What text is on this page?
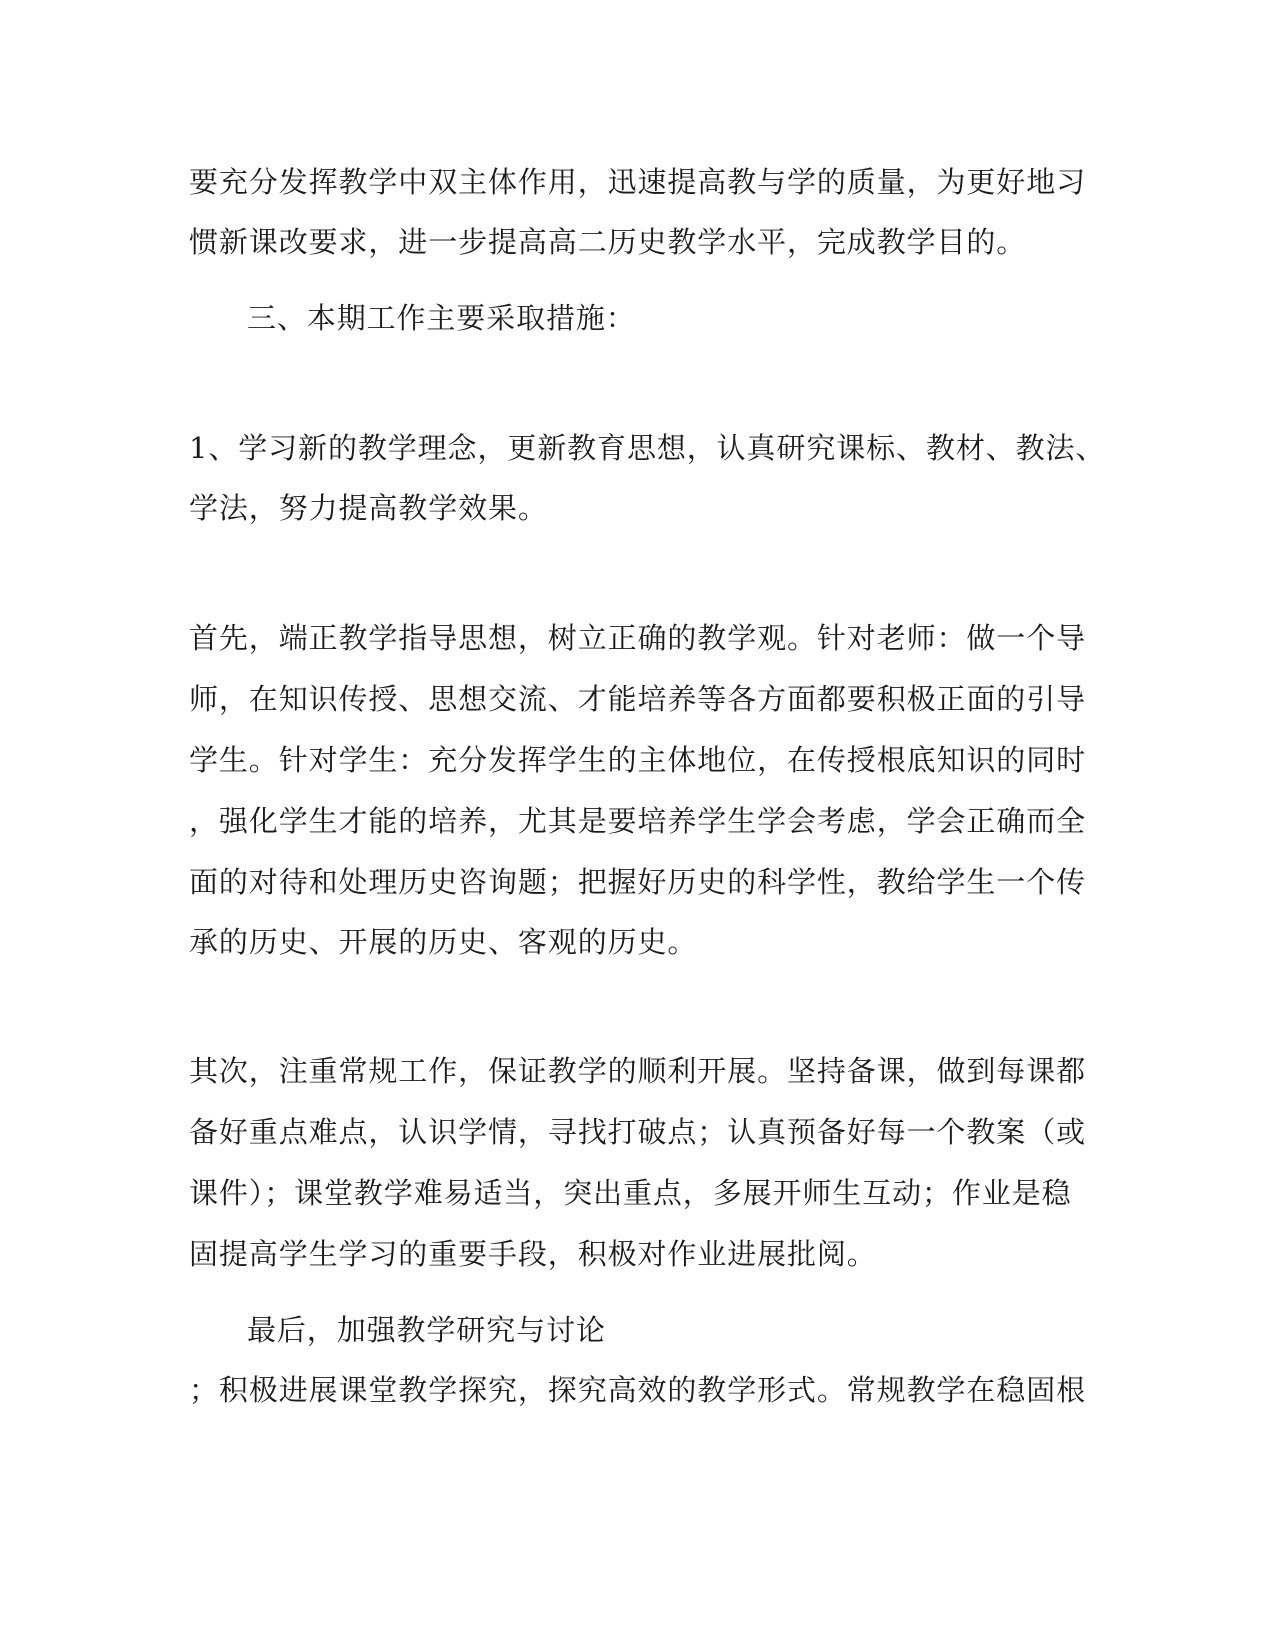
要充分发挥教学中双主体作用，迅速提高教与学的质量，为更好地习
惯新课改要求，进一步提高高二历史教学水平，完成教学目的。
三、本期工作主要采取措施：
1、学习新的教学理念，更新教育思想，认真研究课标、教材、教法、
学法，努力提高教学效果。
首先，端正教学指导思想，树立正确的教学观。针对老师：做一个导
师，在知识传授、思想交流、才能培养等各方面都要积极正面的引导
学生。针对学生：充分发挥学生的主体地位，在传授根底知识的同时
，强化学生才能的培养，尤其是要培养学生学会考虑，学会正确而全
面的对待和处理历史咨询题；把握好历史的科学性，教给学生一个传
承的历史、开展的历史、客观的历史。
其次，注重常规工作，保证教学的顺利开展。坚持备课，做到每课都
备好重点难点，认识学情，寻找打破点；认真预备好每一个教案（或
课件）；课堂教学难易适当，突出重点，多展开师生互动；作业是稳
固提高学生学习的重要手段，积极对作业进展批阅。
最后，加强教学研究与讨论
；积极进展课堂教学探究，探究高效的教学形式。常规教学在稳固根
